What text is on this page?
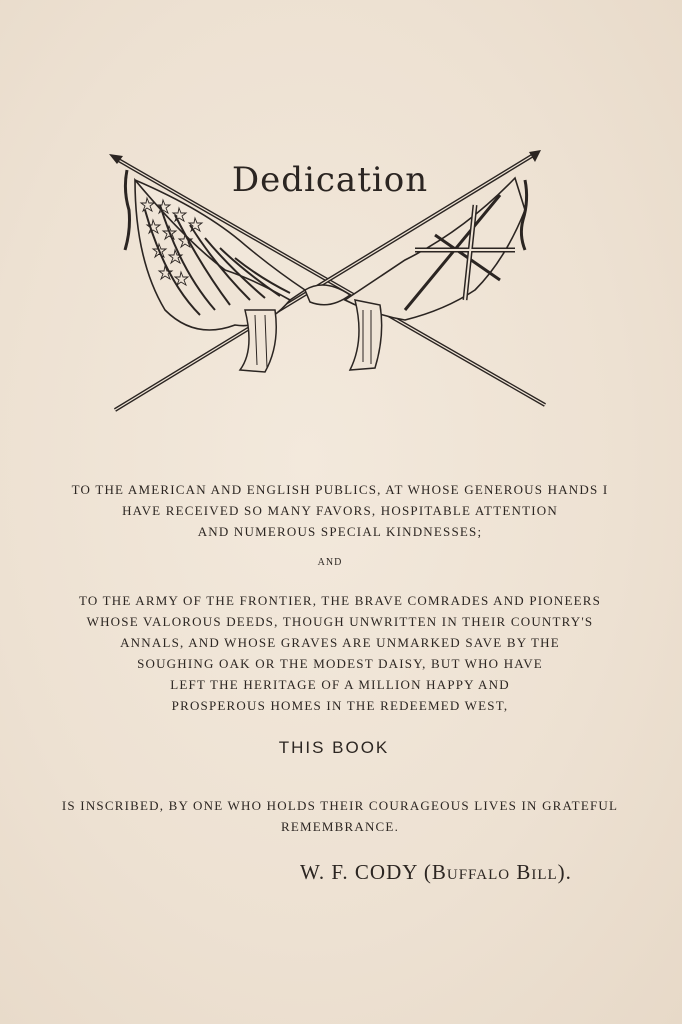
Dedication
TO THE AMERICAN AND ENGLISH PUBLICS, AT WHOSE GENEROUS HANDS I
HAVE RECEIVED SO MANY FAVORS, HOSPITABLE ATTENTION
AND NUMEROUS SPECIAL KINDNESSES;
AND
TO THE ARMY OF THE FRONTIER, THE BRAVE COMRADES AND PIONEERS
WHOSE VALOROUS DEEDS, THOUGH UNWRITTEN IN THEIR COUNTRY'S
ANNALS, AND WHOSE GRAVES ARE UNMARKED SAVE BY THE
SOUGHING OAK OR THE MODEST DAISY, BUT WHO HAVE
LEFT THE HERITAGE OF A MILLION HAPPY AND
PROSPEROUS HOMES IN THE REDEEMED WEST,
THIS BOOK
IS INSCRIBED, BY ONE WHO HOLDS THEIR COURAGEOUS LIVES IN GRATEFUL
REMEMBRANCE.
W. F. CODY (Buffalo Bill).
